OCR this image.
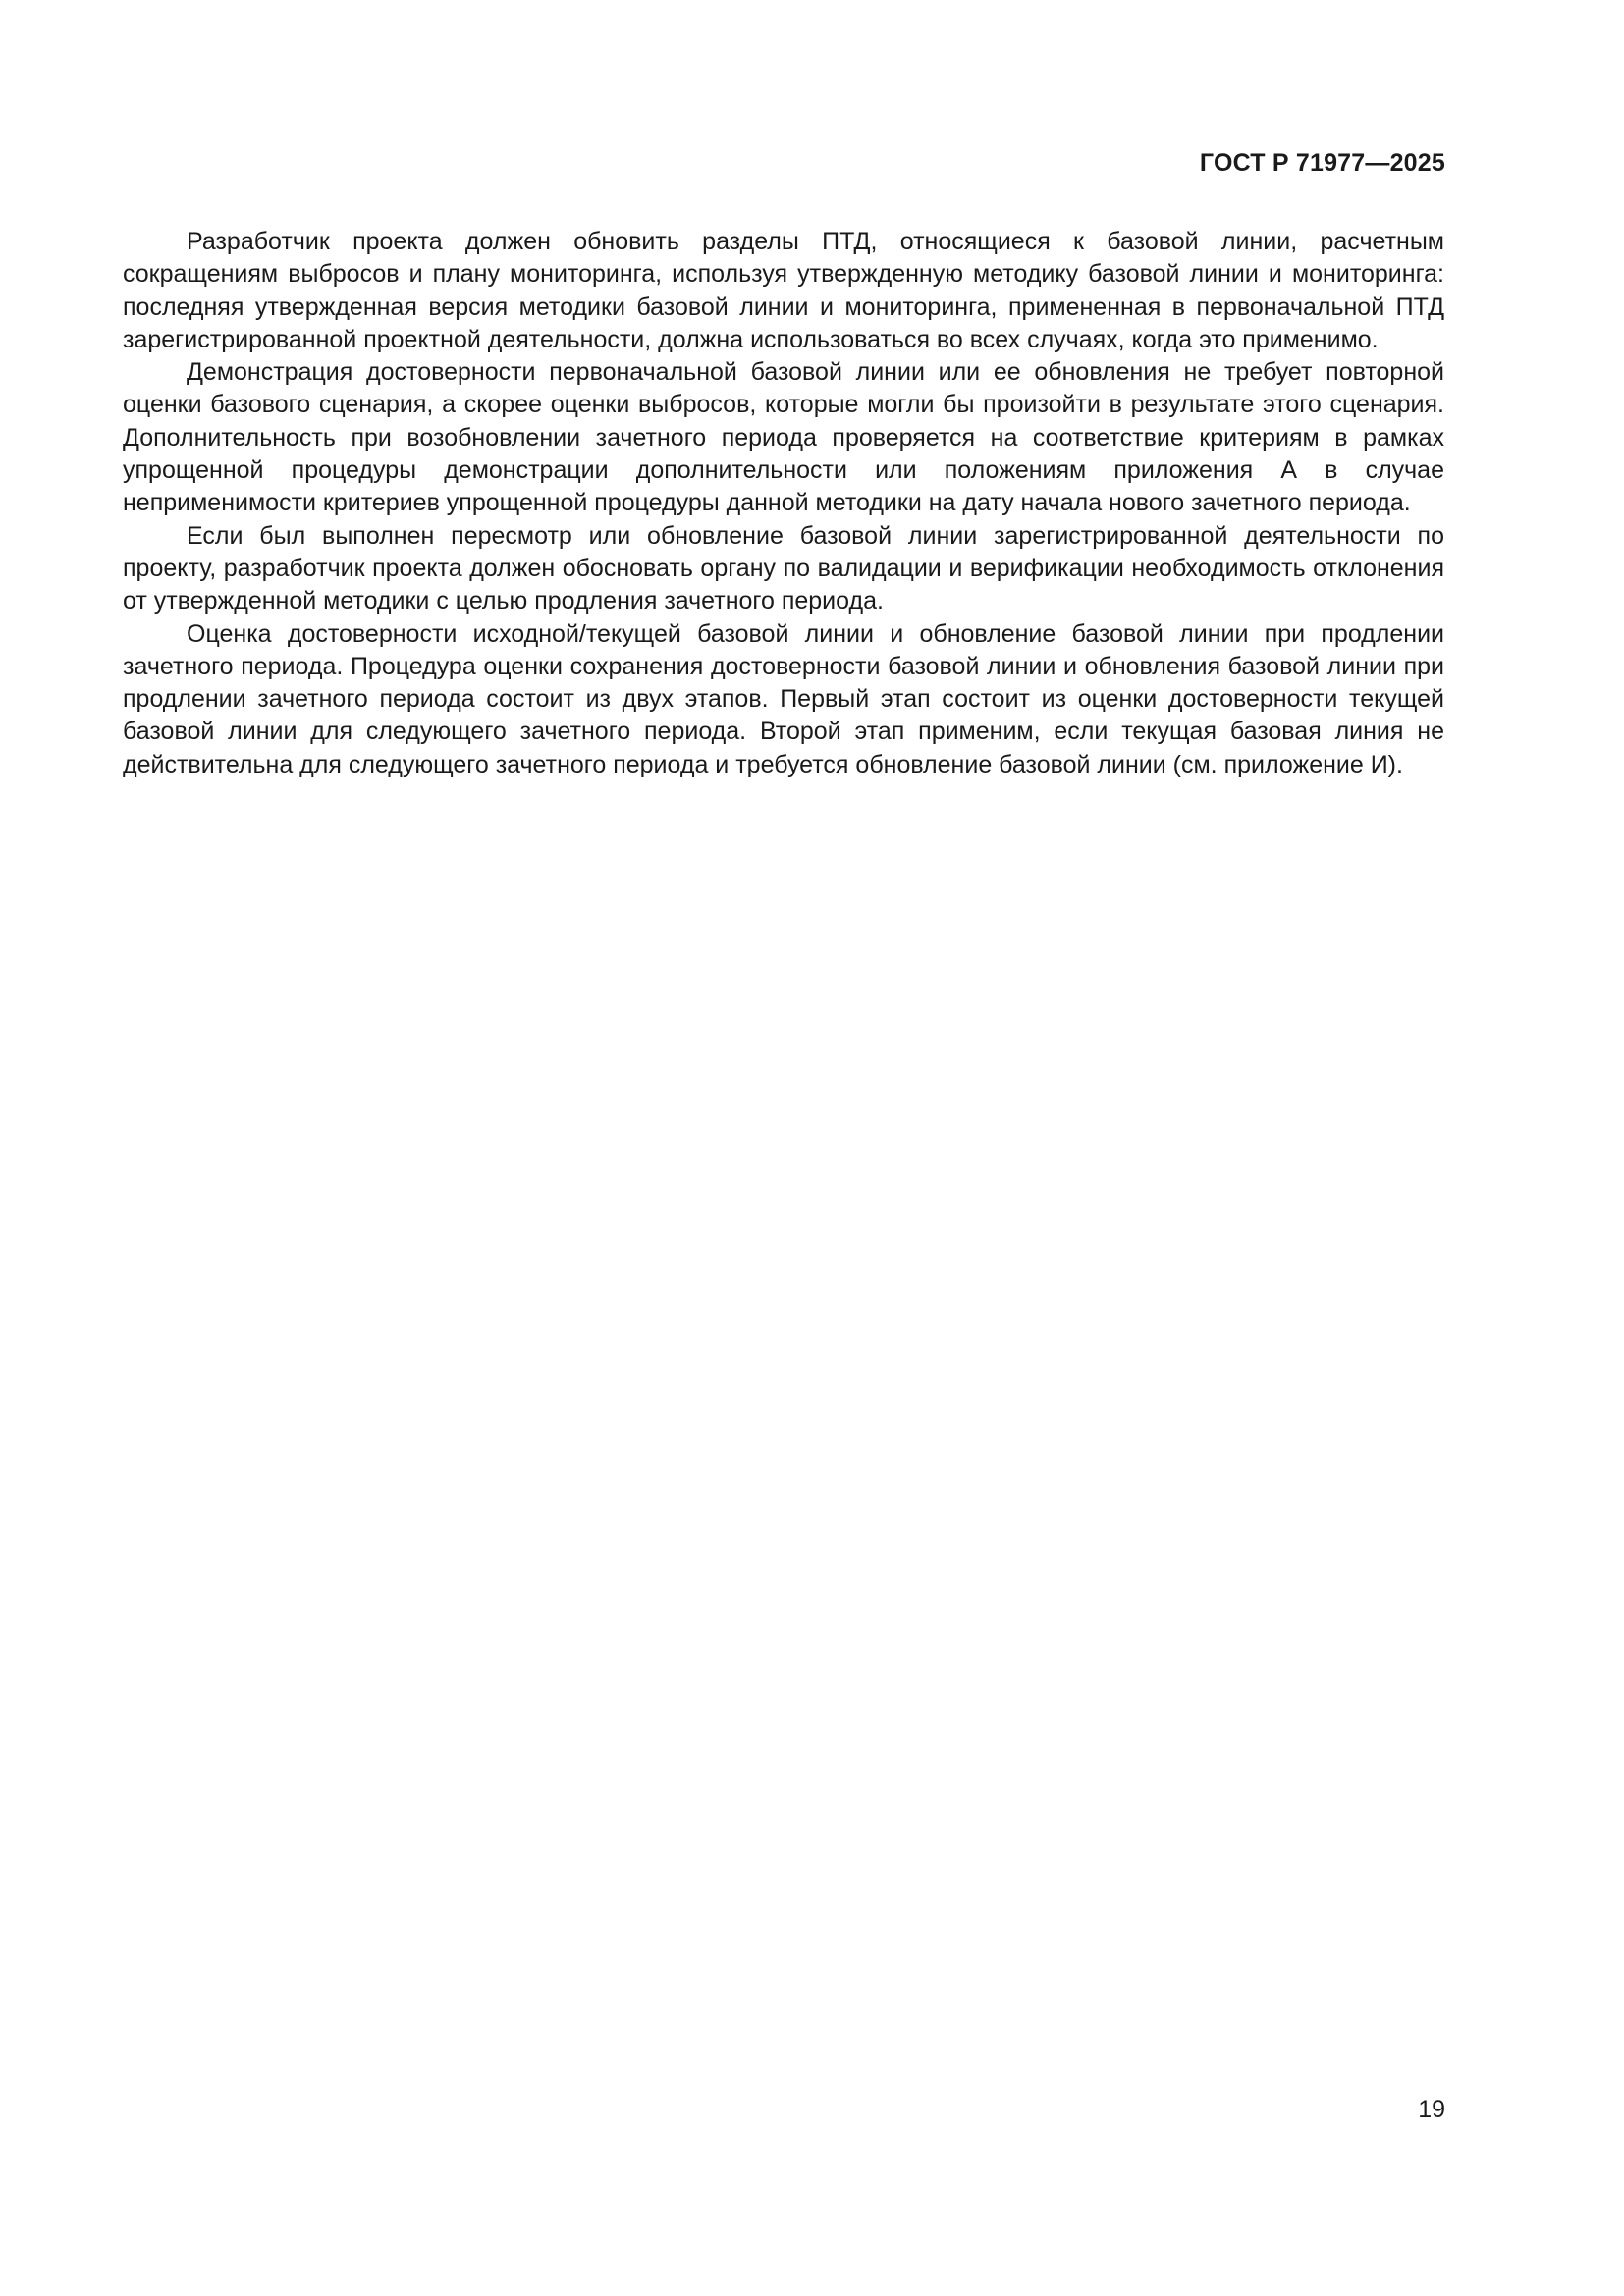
ГОСТ Р 71977—2025

Разработчик проекта должен обновить разделы ПТД, относящиеся к базовой линии, расчетным сокращениям выбросов и плану мониторинга, используя утвержденную методику базовой линии и мониторинга: последняя утвержденная версия методики базовой линии и мониторинга, примененная в первоначальной ПТД зарегистрированной проектной деятельности, должна использоваться во всех случаях, когда это применимо.

Демонстрация достоверности первоначальной базовой линии или ее обновления не требует повторной оценки базового сценария, а скорее оценки выбросов, которые могли бы произойти в результате этого сценария. Дополнительность при возобновлении зачетного периода проверяется на соответствие критериям в рамках упрощенной процедуры демонстрации дополнительности или положениям приложения А в случае неприменимости критериев упрощенной процедуры данной методики на дату начала нового зачетного периода.

Если был выполнен пересмотр или обновление базовой линии зарегистрированной деятельности по проекту, разработчик проекта должен обосновать органу по валидации и верификации необходимость отклонения от утвержденной методики с целью продления зачетного периода.

Оценка достоверности исходной/текущей базовой линии и обновление базовой линии при продлении зачетного периода. Процедура оценки сохранения достоверности базовой линии и обновления базовой линии при продлении зачетного периода состоит из двух этапов. Первый этап состоит из оценки достоверности текущей базовой линии для следующего зачетного периода. Второй этап применим, если текущая базовая линия не действительна для следующего зачетного периода и требуется обновление базовой линии (см. приложение И).

19
